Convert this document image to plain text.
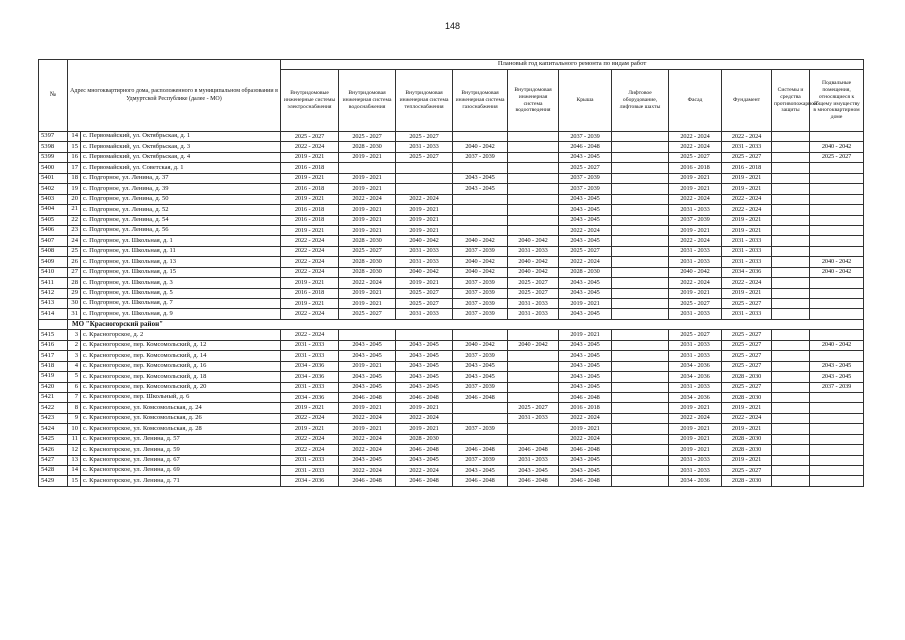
148
№	Адрес многоквартирного дома, расположенного в муниципальном образовании в Удмуртской Республике (далее - МО)		Плановый год капитального ремонта по видам работ										
			Внутридомовые инженерные системы электроснабжения	Внутридомовая инженерная система водоснабжения	Внутридомовая инженерная система теплоснабжения	Внутридомовая инженерная система газоснабжения	Внутридомовая инженерная система водоотведения	Крыша	Лифтовое оборудование, лифтовые шахты	Фасад	Фундамент	Системы и средства противопожарной защиты	Подвальные помещения, относящиеся к общему имуществу в многоквартирном доме
5397	14	с. Первомайский, ул. Октябрьская, д. 1	2025 - 2027	2025 - 2027	2025 - 2027			2037 - 2039		2022 - 2024	2022 - 2024		
5398	15	с. Первомайский, ул. Октябрьская, д. 3	2022 - 2024	2028 - 2030	2031 - 2033	2040 - 2042		2046 - 2048		2022 - 2024	2031 - 2033		2040 - 2042
5399	16	с. Первомайский, ул. Октябрьская, д. 4	2019 - 2021	2019 - 2021	2025 - 2027	2037 - 2039		2043 - 2045		2025 - 2027	2025 - 2027		2025 - 2027
5400	17	с. Первомайский, ул. Советская, д. 1	2016 - 2018					2025 - 2027		2016 - 2018	2016 - 2018		
5401	18	с. Подгорное, ул. Ленина, д. 37	2019 - 2021	2019 - 2021		2043 - 2045		2037 - 2039		2019 - 2021	2019 - 2021		
5402	19	с. Подгорное, ул. Ленина, д. 39	2016 - 2018	2019 - 2021		2043 - 2045		2037 - 2039		2019 - 2021	2019 - 2021		
5403	20	с. Подгорное, ул. Ленина, д. 50	2019 - 2021	2022 - 2024	2022 - 2024			2043 - 2045		2022 - 2024	2022 - 2024		
5404	21	с. Подгорное, ул. Ленина, д. 52	2016 - 2018	2019 - 2021	2019 - 2021			2043 - 2045		2031 - 2033	2022 - 2024		
5405	22	с. Подгорное, ул. Ленина, д. 54	2016 - 2018	2019 - 2021	2019 - 2021			2043 - 2045		2037 - 2039	2019 - 2021		
5406	23	с. Подгорное, ул. Ленина, д. 56	2019 - 2021	2019 - 2021	2019 - 2021			2022 - 2024		2019 - 2021	2019 - 2021		
5407	24	с. Подгорное, ул. Школьная, д. 1	2022 - 2024	2028 - 2030	2040 - 2042	2040 - 2042	2040 - 2042	2043 - 2045		2022 - 2024	2031 - 2033		
5408	25	с. Подгорное, ул. Школьная, д. 11	2022 - 2024	2025 - 2027	2031 - 2033	2037 - 2039	2031 - 2033	2025 - 2027		2031 - 2033	2031 - 2033		
5409	26	с. Подгорное, ул. Школьная, д. 13	2022 - 2024	2028 - 2030	2031 - 2033	2040 - 2042	2040 - 2042	2022 - 2024		2031 - 2033	2031 - 2033		2040 - 2042
5410	27	с. Подгорное, ул. Школьная, д. 15	2022 - 2024	2028 - 2030	2040 - 2042	2040 - 2042	2040 - 2042	2028 - 2030		2040 - 2042	2034 - 2036		2040 - 2042
5411	28	с. Подгорное, ул. Школьная, д. 3	2019 - 2021	2022 - 2024	2019 - 2021	2037 - 2039	2025 - 2027	2043 - 2045		2022 - 2024	2022 - 2024		
5412	29	с. Подгорное, ул. Школьная, д. 5	2016 - 2018	2019 - 2021	2025 - 2027	2037 - 2039	2025 - 2027	2043 - 2045		2019 - 2021	2019 - 2021		
5413	30	с. Подгорное, ул. Школьная, д. 7	2019 - 2021	2019 - 2021	2025 - 2027	2037 - 2039	2031 - 2033	2019 - 2021		2025 - 2027	2025 - 2027		
5414	31	с. Подгорное, ул. Школьная, д. 9	2022 - 2024	2025 - 2027	2031 - 2033	2037 - 2039	2031 - 2033	2043 - 2045		2031 - 2033	2031 - 2033		
	МО "Красногорский район"												
5415	3	с. Красногорское, д. 2	2022 - 2024					2019 - 2021		2025 - 2027	2025 - 2027		
5416	2	с. Красногорское, пер. Комсомольский, д. 12	2031 - 2033	2043 - 2045	2043 - 2045	2040 - 2042	2040 - 2042	2043 - 2045		2031 - 2033	2025 - 2027		2040 - 2042
5417	3	с. Красногорское, пер. Комсомольский, д. 14	2031 - 2033	2043 - 2045	2043 - 2045	2037 - 2039		2043 - 2045		2031 - 2033	2025 - 2027		
5418	4	с. Красногорское, пер. Комсомольский, д. 16	2034 - 2036	2019 - 2021	2043 - 2045	2043 - 2045		2043 - 2045		2034 - 2036	2025 - 2027		2043 - 2045
5419	5	с. Красногорское, пер. Комсомольский, д. 18	2034 - 2036	2043 - 2045	2043 - 2045	2043 - 2045		2043 - 2045		2034 - 2036	2028 - 2030		2043 - 2045
5420	6	с. Красногорское, пер. Комсомольский, д. 20	2031 - 2033	2043 - 2045	2043 - 2045	2037 - 2039		2043 - 2045		2031 - 2033	2025 - 2027		2037 - 2039
5421	7	с. Красногорское, пер. Школьный, д. 6	2034 - 2036	2046 - 2048	2046 - 2048	2046 - 2048		2046 - 2048		2034 - 2036	2028 - 2030		
5422	8	с. Красногорское, ул. Комсомольская, д. 24	2019 - 2021	2019 - 2021	2019 - 2021		2025 - 2027	2016 - 2018		2019 - 2021	2019 - 2021		
5423	9	с. Красногорское, ул. Комсомольская, д. 26	2022 - 2024	2022 - 2024	2022 - 2024		2031 - 2033	2022 - 2024		2022 - 2024	2022 - 2024		
5424	10	с. Красногорское, ул. Комсомольская, д. 28	2019 - 2021	2019 - 2021	2019 - 2021	2037 - 2039		2019 - 2021		2019 - 2021	2019 - 2021		
5425	11	с. Красногорское, ул. Ленина, д. 57	2022 - 2024	2022 - 2024	2028 - 2030			2022 - 2024		2019 - 2021	2028 - 2030		
5426	12	с. Красногорское, ул. Ленина, д. 59	2022 - 2024	2022 - 2024	2046 - 2048	2046 - 2048	2046 - 2048	2046 - 2048		2019 - 2021	2028 - 2030		
5427	13	с. Красногорское, ул. Ленина, д. 67	2031 - 2033	2043 - 2045	2043 - 2045	2037 - 2039	2031 - 2033	2043 - 2045		2031 - 2033	2019 - 2021		
5428	14	с. Красногорское, ул. Ленина, д. 69	2031 - 2033	2022 - 2024	2022 - 2024	2043 - 2045	2043 - 2045	2043 - 2045		2031 - 2033	2025 - 2027		
5429	15	с. Красногорское, ул. Ленина, д. 71	2034 - 2036	2046 - 2048	2046 - 2048	2046 - 2048	2046 - 2048	2046 - 2048		2034 - 2036	2028 - 2030		
